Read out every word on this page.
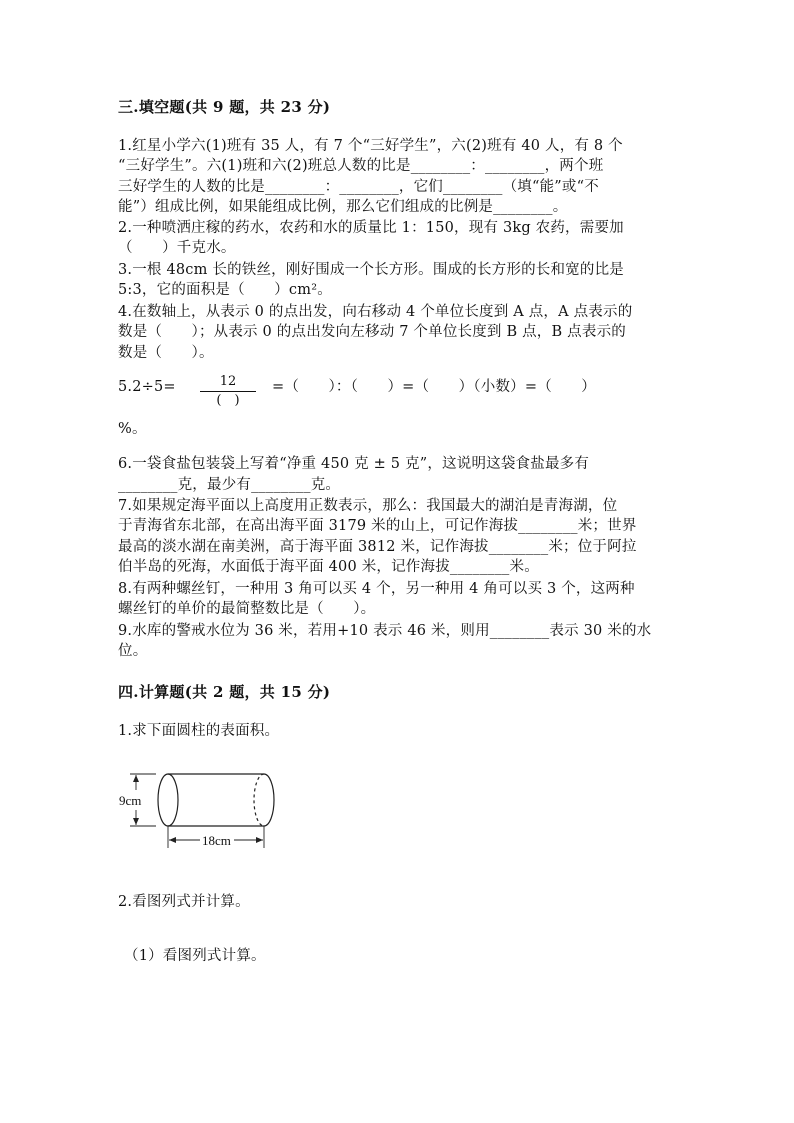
三.填空题(共 9 题，共 23 分)
1.红星小学六(1)班有 35 人，有 7 个“三好学生”，六(2)班有 40 人，有 8 个
“三好学生”。六(1)班和六(2)班总人数的比是________：________，两个班
三好学生的人数的比是________：________，它们________（填“能”或“不
能”）组成比例，如果能组成比例，那么它们组成的比例是________。
2.一种喷洒庄稼的药水，农药和水的质量比 1：150，现有 3kg 农药，需要加
（　　）千克水。
3.一根 48cm 长的铁丝，刚好围成一个长方形。围成的长方形的长和宽的比是
5:3，它的面积是（　　）cm²。
4.在数轴上，从表示 0 的点出发，向右移动 4 个单位长度到 A 点，A 点表示的
数是（　　）；从表示 0 的点出发向左移动 7 个单位长度到 B 点，B 点表示的
数是（　　）。
5.2÷5=	12
(　)
=（　　）：（　　）=（　　）（小数）=（　　）
%。
6.一袋食盐包装袋上写着“净重 450 克 ± 5 克”，这说明这袋食盐最多有
________克，最少有________克。
7.如果规定海平面以上高度用正数表示，那么：我国最大的湖泊是青海湖，位
于青海省东北部，在高出海平面 3179 米的山上，可记作海拔________米；世界
最高的淡水湖在南美洲，高于海平面 3812 米，记作海拔________米；位于阿拉
伯半岛的死海，水面低于海平面 400 米，记作海拔________米。
8.有两种螺丝钉，一种用 3 角可以买 4 个，另一种用 4 角可以买 3 个，这两种
螺丝钉的单价的最简整数比是（　　）。
9.水库的警戒水位为 36 米，若用+10 表示 46 米，则用________表示 30 米的水
位。
四.计算题(共 2 题，共 15 分)
1.求下面圆柱的表面积。
9cm
18cm
2.看图列式并计算。
（1）看图列式计算。
